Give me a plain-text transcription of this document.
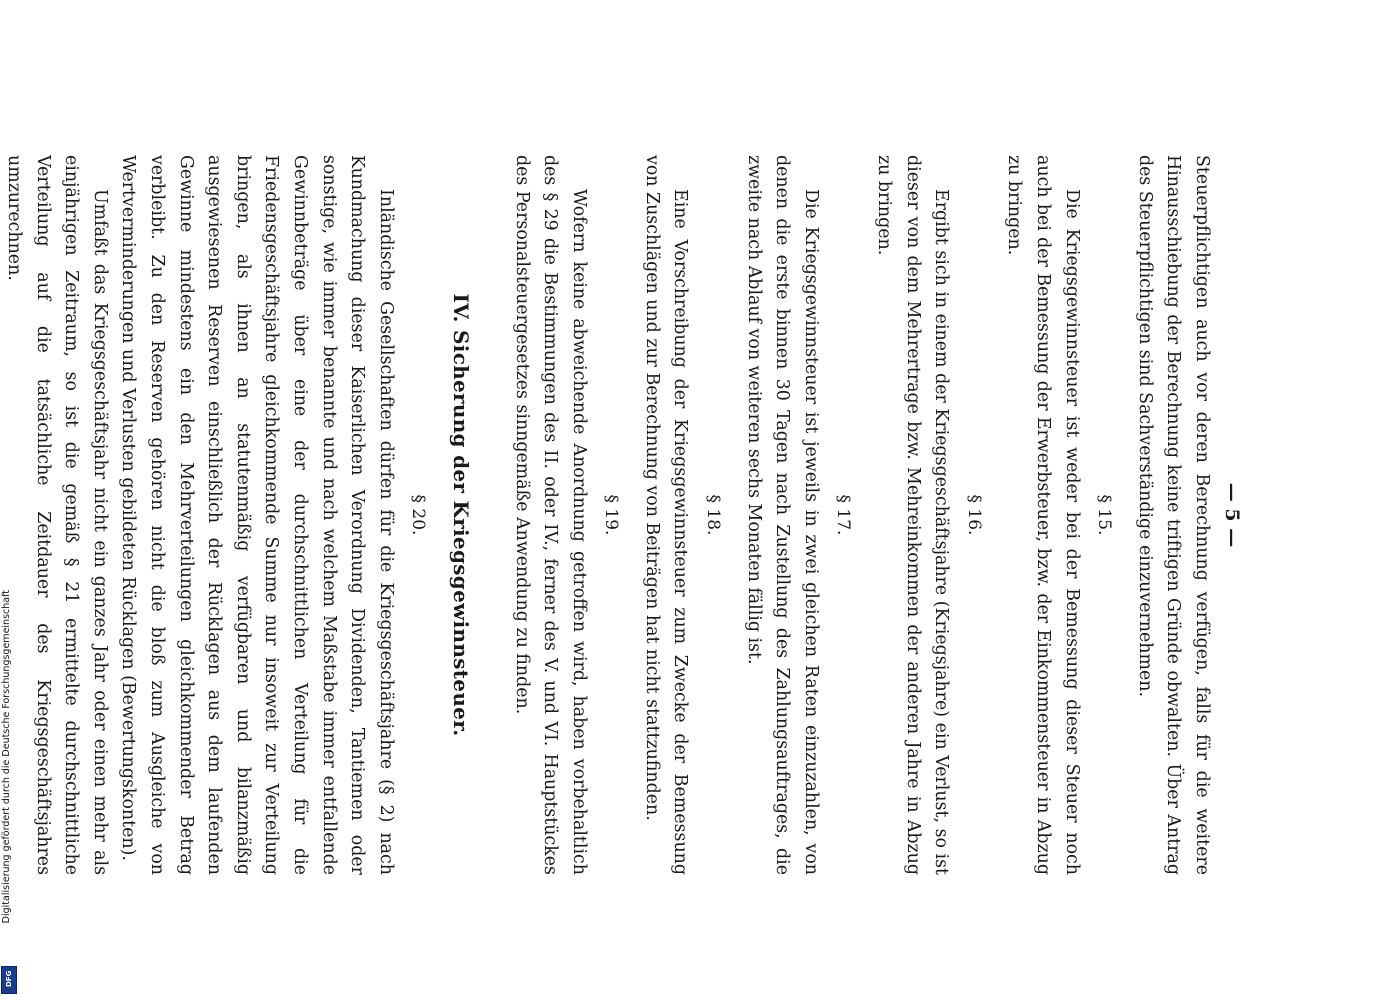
— 5 —

Steuerpflichtigen auch vor deren Berechnung verfügen, falls für die weitere Hinausschiebung der Berechnung keine triftigen Gründe obwalten. Über Antrag des Steuerpflichtigen sind Sachverständige einzuvernehmen.

§ 15.

Die Kriegsgewinnsteuer ist weder bei der Bemessung dieser Steuer noch auch bei der Bemessung der Erwerbsteuer, bzw. der Einkommensteuer in Abzug zu bringen.

§ 16.

Ergibt sich in einem der Kriegsgeschäftsjahre (Kriegsjahre) ein Verlust, so ist dieser von dem Mehrertrage bzw. Mehreinkommen der anderen Jahre in Abzug zu bringen.

§ 17.

Die Kriegsgewinnsteuer ist jeweils in zwei gleichen Raten einzuzahlen, von denen die erste binnen 30 Tagen nach Zustellung des Zahlungsauftrages, die zweite nach Ablauf von weiteren sechs Monaten fällig ist.

§ 18.

Eine Vorschreibung der Kriegsgewinnsteuer zum Zwecke der Bemessung von Zuschlägen und zur Berechnung von Beiträgen hat nicht stattzufinden.

§ 19.

Wofern keine abweichende Anordnung getroffen wird, haben vorbehaltlich des § 29 die Bestimmungen des II. oder IV., ferner des V. und VI. Hauptstückes des Personalsteuergesetzes sinngemäße Anwendung zu finden.

IV. Sicherung der Kriegsgewinnsteuer.
§ 20.

Inländische Gesellschaften dürfen für die Kriegsgeschäftsjahre (§ 2) nach Kundmachung dieser Kaiserlichen Verordnung Dividenden, Tantiemen oder sonstige, wie immer benannte und nach welchem Maßstabe immer entfallende Gewinnbeträge über eine der durchschnittlichen Verteilung für die Friedensgeschäftsjahre gleichkommende Summe nur insoweit zur Verteilung bringen, als ihnen an statutenmäßig verfügbaren und bilanzmäßig ausgewiesenen Reserven einschließlich der Rücklagen aus dem laufenden Gewinne mindestens ein den Mehrverteilungen gleichkommender Betrag verbleibt. Zu den Reserven gehören nicht die bloß zum Ausgleiche von Wertverminderungen und Verlusten gebildeten Rücklagen (Bewertungskonten).

Umfaßt das Kriegsgeschäftsjahr nicht ein ganzes Jahr oder einen mehr als einjährigen Zeitraum, so ist die gemäß § 21 ermittelte durchschnittliche Verteilung auf die tatsächliche Zeitdauer des Kriegsgeschäftsjahres umzurechnen.

Digitalisierung gefördert durch die Deutsche Forschungsgemeinschaft
DFG
